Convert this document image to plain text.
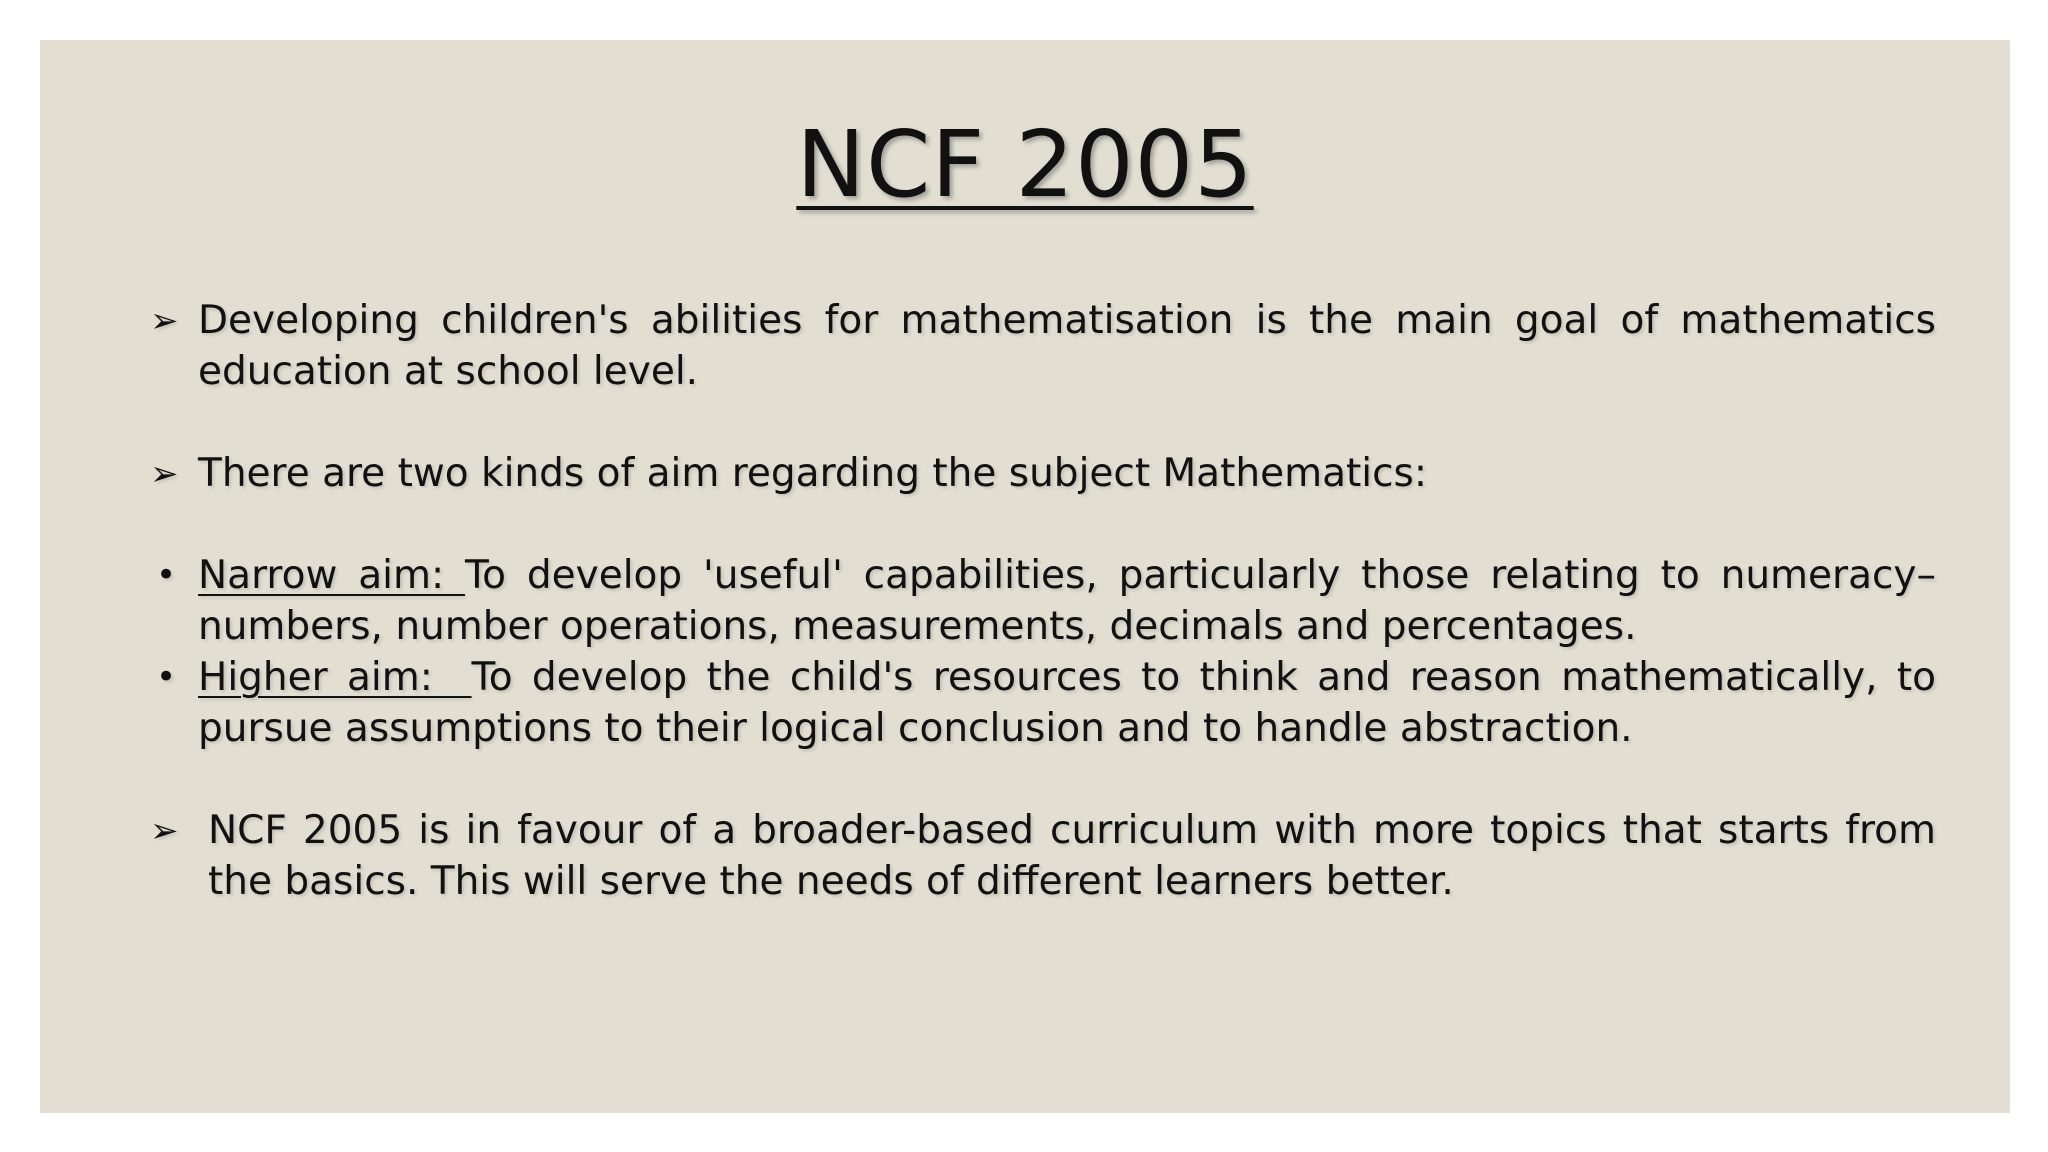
NCF 2005
➢ Developing children's abilities for mathematisation is the main goal of mathematics education at school level.
➢ There are two kinds of aim regarding the subject Mathematics:
• Narrow aim: To develop 'useful' capabilities, particularly those relating to numeracy–numbers, number operations, measurements, decimals and percentages.
• Higher aim:  To develop the child's resources to think and reason mathematically, to pursue assumptions to their logical conclusion and to handle abstraction.
➢ NCF 2005 is in favour of a broader-based curriculum with more topics that starts from the basics. This will serve the needs of different learners better.
